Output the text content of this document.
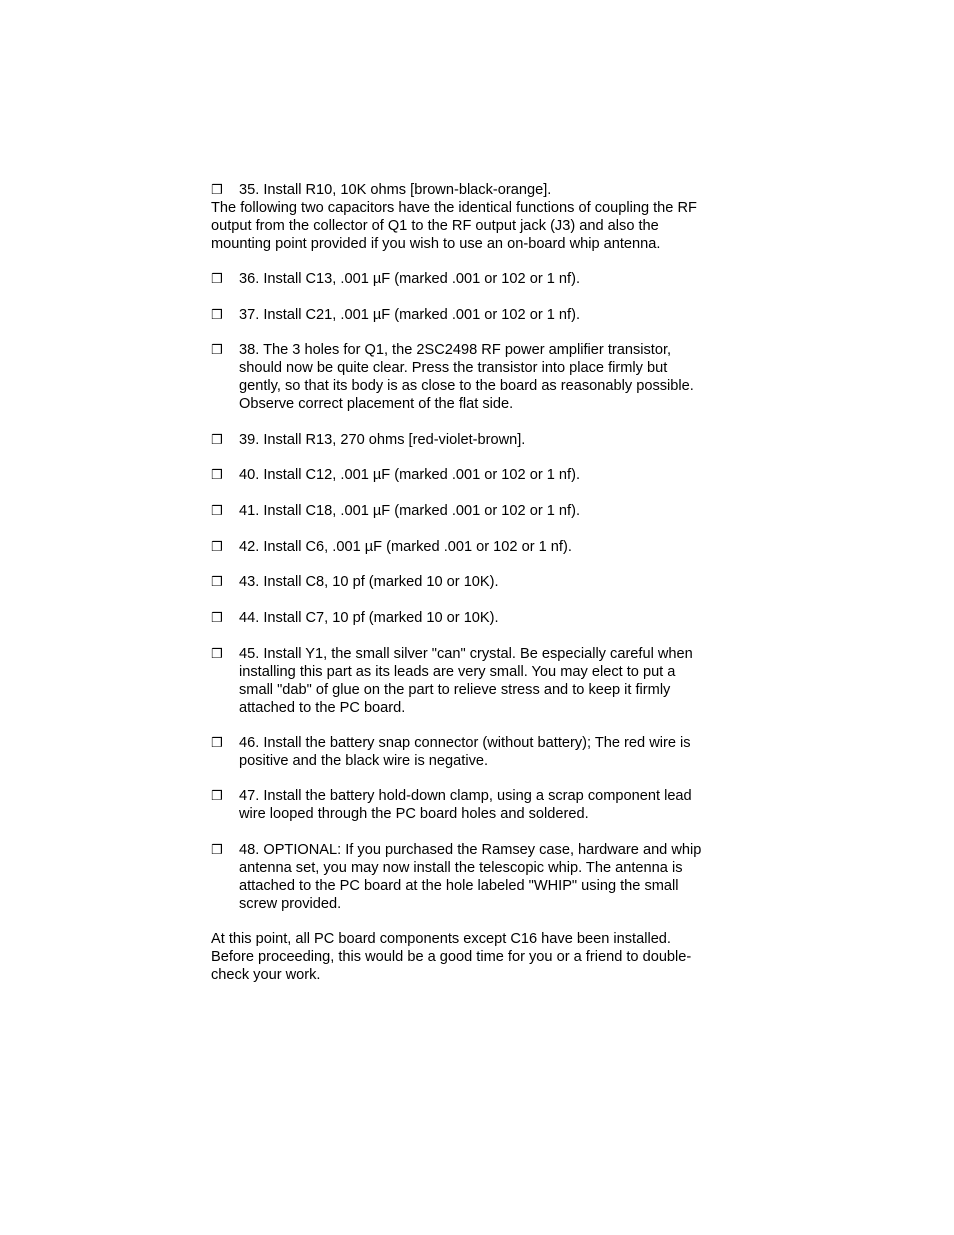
❒	35. Install R10, 10K ohms [brown-black-orange].
The following two capacitors have the identical functions of coupling the RF
output from the collector of Q1 to the RF output jack (J3) and also the
mounting point provided if you wish to use an on-board whip antenna.
❒	36. Install C13, .001 µF (marked .001 or 102 or 1 nf).
❒	37. Install C21, .001 µF (marked .001 or 102 or 1 nf).
❒	38. The 3 holes for Q1, the 2SC2498 RF power amplifier transistor,
should now be quite clear. Press the transistor into place firmly but
gently, so that its body is as close to the board as reasonably possible.
Observe correct placement of the flat side.
❒	39. Install R13, 270 ohms [red-violet-brown].
❒	40. Install C12, .001 µF (marked .001 or 102 or 1 nf).
❒	41. Install C18, .001 µF (marked .001 or 102 or 1 nf).
❒	42. Install C6, .001 µF (marked .001 or 102 or 1 nf).
❒	43. Install C8, 10 pf (marked 10 or 10K).
❒	44. Install C7, 10 pf (marked 10 or 10K).
❒	45. Install Y1, the small silver "can" crystal. Be especially careful when
installing this part as its leads are very small. You may elect to put a
small "dab" of glue on the part to relieve stress and to keep it firmly
attached to the PC board.
❒	46. Install the battery snap connector (without battery); The red wire is
positive and the black wire is negative.
❒	47. Install the battery hold-down clamp, using a scrap component lead
wire looped through the PC board holes and soldered.
❒	48. OPTIONAL: If you purchased the Ramsey case, hardware and whip
antenna set, you may now install the telescopic whip. The antenna is
attached to the PC board at the hole labeled "WHIP" using the small
screw provided.
At this point, all PC board components except C16 have been installed.
Before proceeding, this would be a good time for you or a friend to double-
check your work.
